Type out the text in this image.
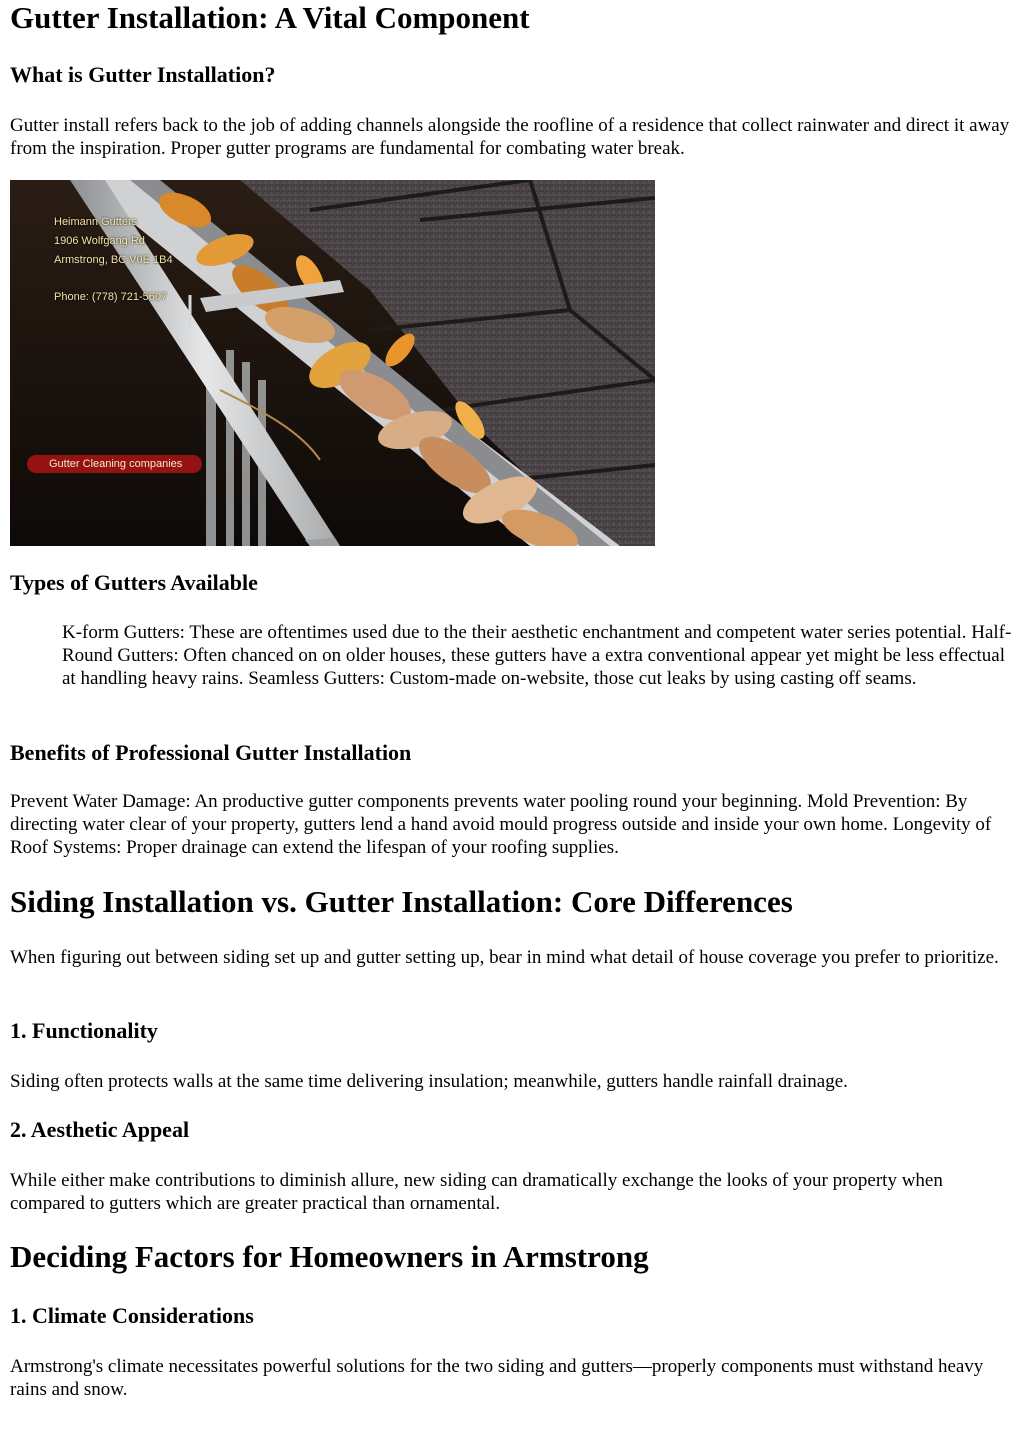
Gutter Installation: A Vital Component
What is Gutter Installation?

Gutter install refers back to the job of adding channels alongside the roofline of a residence that collect rainwater and direct it away from the inspiration. Proper gutter programs are fundamental for combating water break.

Heimann Gutters
1906 Wolfgang Rd
Armstrong, BC V0E 1B4
Phone: (778) 721-5607
Gutter Cleaning companies
Types of Gutters Available
K-form Gutters: These are oftentimes used due to the their aesthetic enchantment and competent water series potential. Half-Round Gutters: Often chanced on on older houses, these gutters have a extra conventional appear yet might be less effectual at handling heavy rains. Seamless Gutters: Custom-made on-website, those cut leaks by using casting off seams.
Benefits of Professional Gutter Installation

Prevent Water Damage: An productive gutter components prevents water pooling round your beginning. Mold Prevention: By directing water clear of your property, gutters lend a hand avoid mould progress outside and inside your own home. Longevity of Roof Systems: Proper drainage can extend the lifespan of your roofing supplies.

Siding Installation vs. Gutter Installation: Core Differences

When figuring out between siding set up and gutter setting up, bear in mind what detail of house coverage you prefer to prioritize.

1. Functionality

Siding often protects walls at the same time delivering insulation; meanwhile, gutters handle rainfall drainage.

2. Aesthetic Appeal

While either make contributions to diminish allure, new siding can dramatically exchange the looks of your property when compared to gutters which are greater practical than ornamental.

Deciding Factors for Homeowners in Armstrong
1. Climate Considerations

Armstrong's climate necessitates powerful solutions for the two siding and gutters—properly components must withstand heavy rains and snow.
